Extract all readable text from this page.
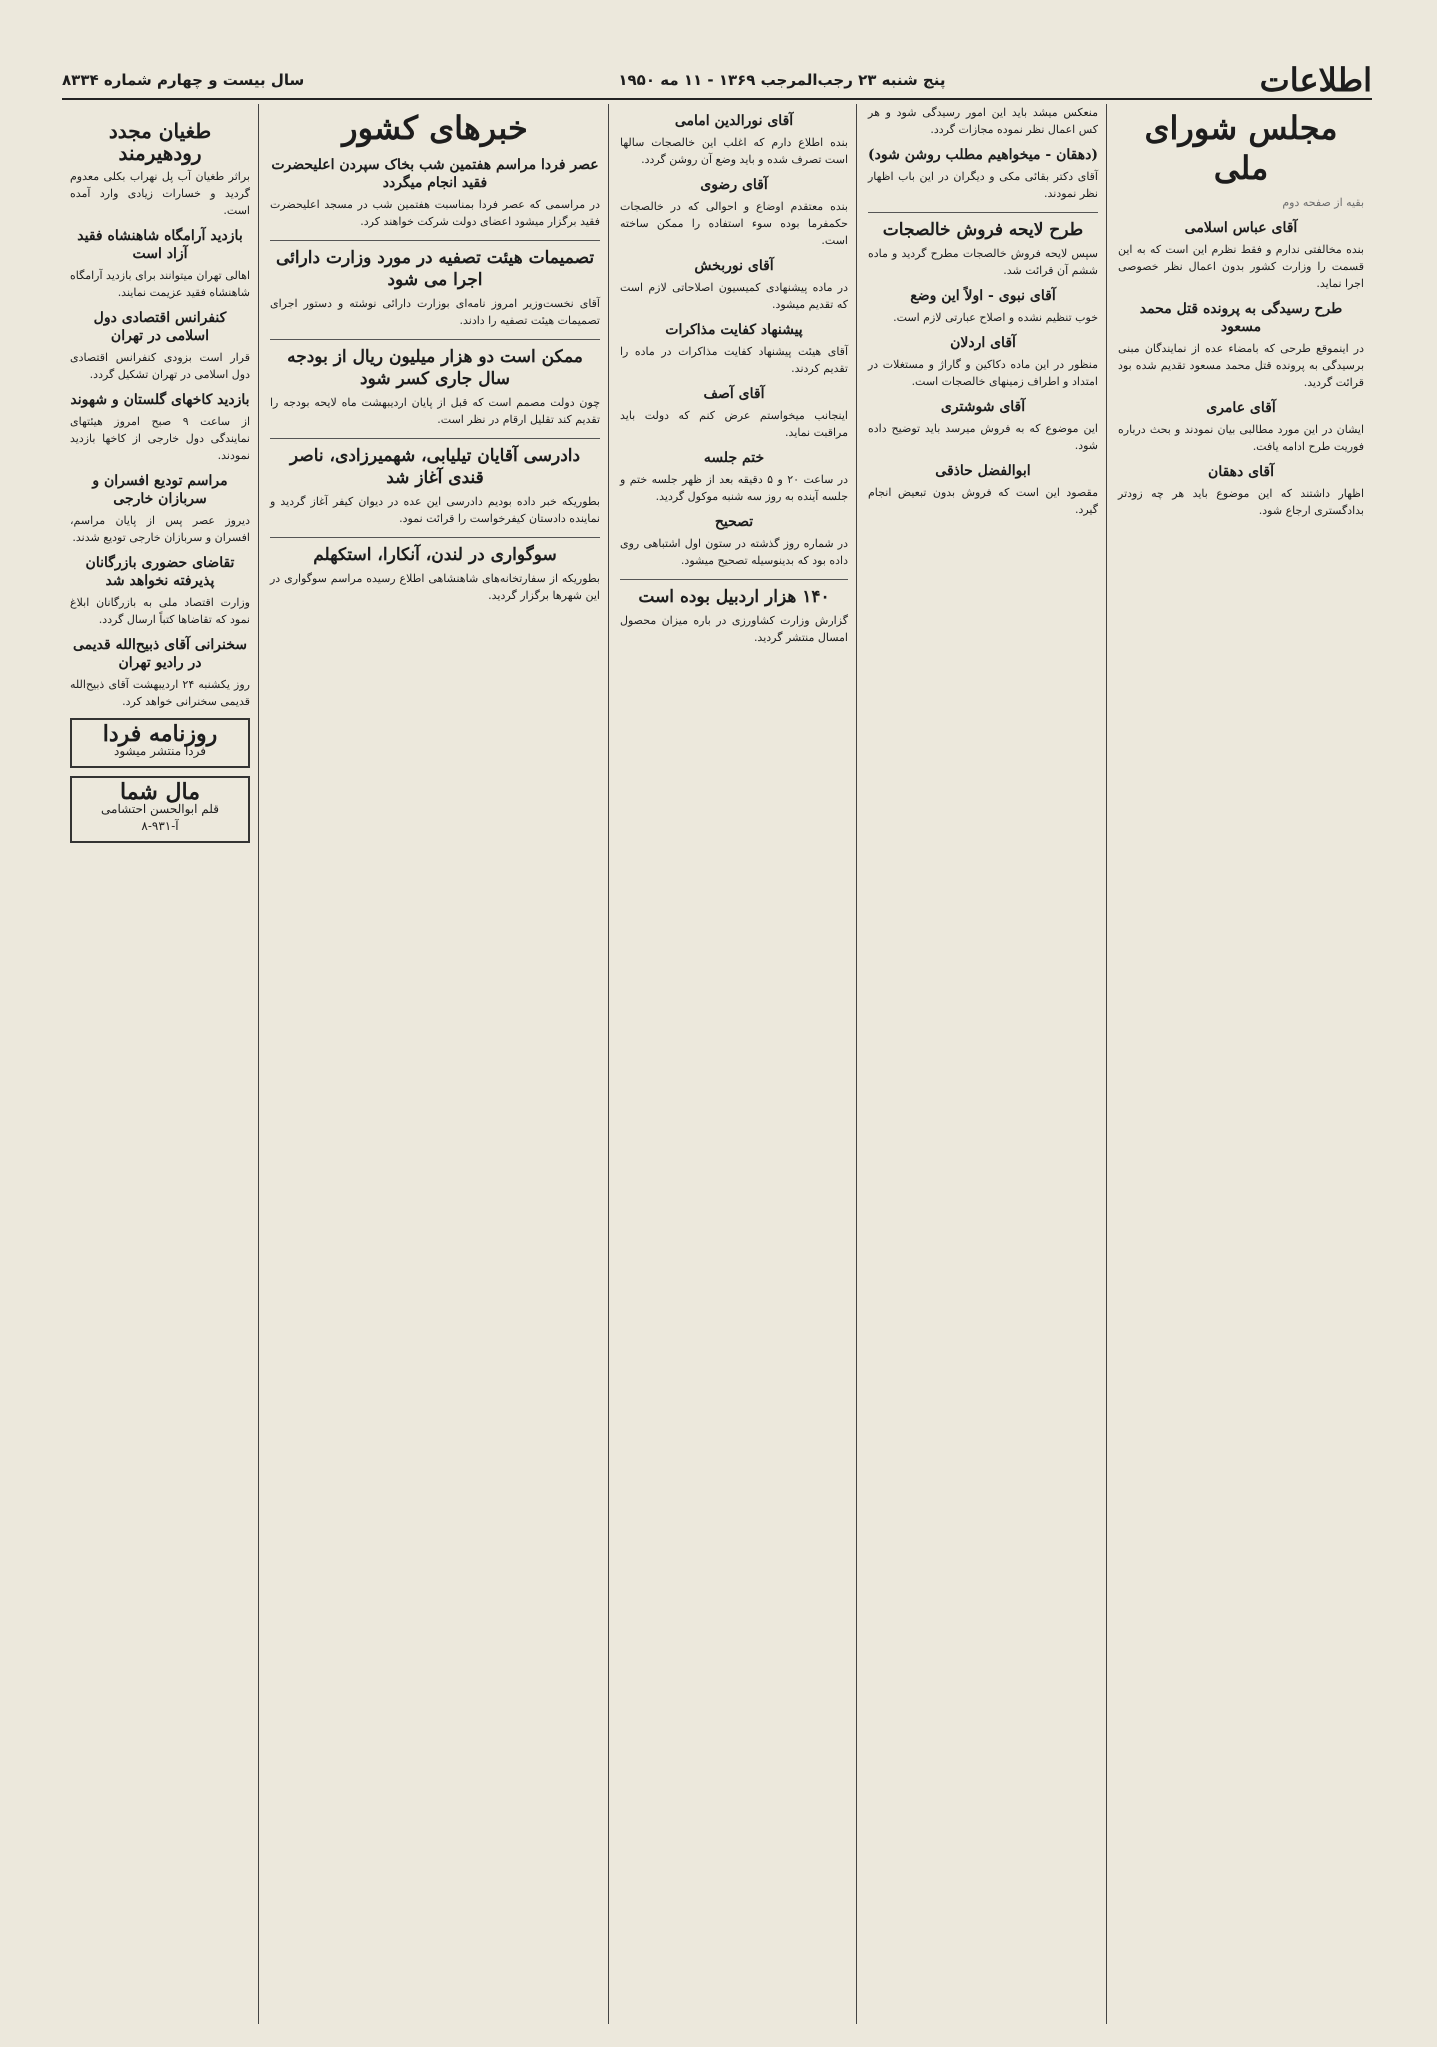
اطلاعات
پنج شنبه ۲۳ رجب‌المرجب ۱۳۶۹ - ۱۱ مه ۱۹۵۰
سال بیست و چهارم شماره ۸۳۳۴
مجلس شورای ملی

بقیه از صفحه دوم

آقای عباس اسلامی

بنده مخالفتی ندارم و فقط نظرم این است که به این قسمت را وزارت کشور بدون اعمال نظر خصوصی اجرا نماید.

طرح رسیدگی به پرونده قتل محمد مسعود

در اینموقع طرحی که بامضاء عده از نمایندگان مبنی برسیدگی به پرونده قتل محمد مسعود تقدیم شده بود قرائت گردید.

آقای عامری

ایشان در این مورد مطالبی بیان نمودند و بحث درباره فوریت طرح ادامه یافت.

آقای دهقان

اظهار داشتند که این موضوع باید هر چه زودتر بدادگستری ارجاع شود.

منعکس میشد باید این امور رسیدگی شود و هر کس اعمال نظر نموده مجازات گردد.

(دهقان - میخواهیم مطلب روشن شود)

آقای دکتر بقائی مکی و دیگران در این باب اظهار نظر نمودند.

طرح لایحه فروش خالصجات

سپس لایحه فروش خالصجات مطرح گردید و ماده ششم آن قرائت شد.

آقای نبوی - اولاً این وضع

خوب تنظیم نشده و اصلاح عبارتی لازم است.

آقای اردلان

منظور در این ماده دکاکین و گاراژ و مستغلات در امتداد و اطراف زمینهای خالصجات است.

آقای شوشتری

این موضوع که به فروش میرسد باید توضیح داده شود.

ابوالفضل حاذقی

مقصود این است که فروش بدون تبعیض انجام گیرد.

آقای نورالدین امامی

بنده اطلاع دارم که اغلب این خالصجات سالها است تصرف شده و باید وضع آن روشن گردد.

آقای رضوی

بنده معتقدم اوضاع و احوالی که در خالصجات حکمفرما بوده سوء استفاده را ممکن ساخته است.

آقای نوربخش

در ماده پیشنهادی کمیسیون اصلاحاتی لازم است که تقدیم میشود.

پیشنهاد کفایت مذاکرات

آقای هیئت پیشنهاد کفایت مذاکرات در ماده را تقدیم کردند.

آقای آصف

اینجانب میخواستم عرض کنم که دولت باید مراقبت نماید.

ختم جلسه

در ساعت ۲۰ و ۵ دقیقه بعد از ظهر جلسه ختم و جلسه آینده به روز سه شنبه موکول گردید.

تصحیح

در شماره روز گذشته در ستون اول اشتباهی روی داده بود که بدینوسیله تصحیح میشود.

۱۴۰ هزار اردبیل بوده است

گزارش وزارت کشاورزی در باره میزان محصول امسال منتشر گردید.

خبرهای کشور
عصر فردا مراسم هفتمین شب بخاک سپردن اعلیحضرت فقید انجام میگردد

در مراسمی که عصر فردا بمناسبت هفتمین شب در مسجد اعلیحضرت فقید برگزار میشود اعضای دولت شرکت خواهند کرد.

تصمیمات هیئت تصفیه در مورد وزارت دارائی اجرا می شود

آقای نخست‌وزیر امروز نامه‌ای بوزارت دارائی نوشته و دستور اجرای تصمیمات هیئت تصفیه را دادند.

ممکن است دو هزار میلیون ریال از بودجه سال جاری کسر شود

چون دولت مصمم است که قبل از پایان اردیبهشت ماه لایحه بودجه را تقدیم کند تقلیل ارقام در نظر است.

دادرسی آقایان تیلیابی، شهمیرزادی، ناصر قندی آغاز شد

بطوریکه خبر داده بودیم دادرسی این عده در دیوان کیفر آغاز گردید و نماینده دادستان کیفرخواست را قرائت نمود.

سوگواری در لندن، آنکارا، استکهلم

بطوریکه از سفارتخانه‌های شاهنشاهی اطلاع رسیده مراسم سوگواری در این شهرها برگزار گردید.

طغیان مجدد رودهیرمند

براثر طغیان آب پل نهراب بکلی معدوم گردید و خسارات زیادی وارد آمده است.

بازدید آرامگاه شاهنشاه فقید آزاد است

اهالی تهران میتوانند برای بازدید آرامگاه شاهنشاه فقید عزیمت نمایند.

کنفرانس اقتصادی دول اسلامی در تهران

قرار است بزودی کنفرانس اقتصادی دول اسلامی در تهران تشکیل گردد.

بازدید کاخهای گلستان و شهوند

از ساعت ۹ صبح امروز هیئتهای نمایندگی دول خارجی از کاخها بازدید نمودند.

مراسم تودیع افسران و سربازان خارجی

دیروز عصر پس از پایان مراسم، افسران و سربازان خارجی تودیع شدند.

تقاضای حضوری بازرگانان پذیرفته نخواهد شد

وزارت اقتصاد ملی به بازرگانان ابلاغ نمود که تقاضاها کتباً ارسال گردد.

سخنرانی آقای ذبیح‌الله قدیمی در رادیو تهران

روز یکشنبه ۲۴ اردیبهشت آقای ذبیح‌الله قدیمی سخنرانی خواهد کرد.

روزنامه فردا
فردا منتشر میشود
مال شما
قلم ابوالحسن احتشامی
آ-۹۳۱-۸
